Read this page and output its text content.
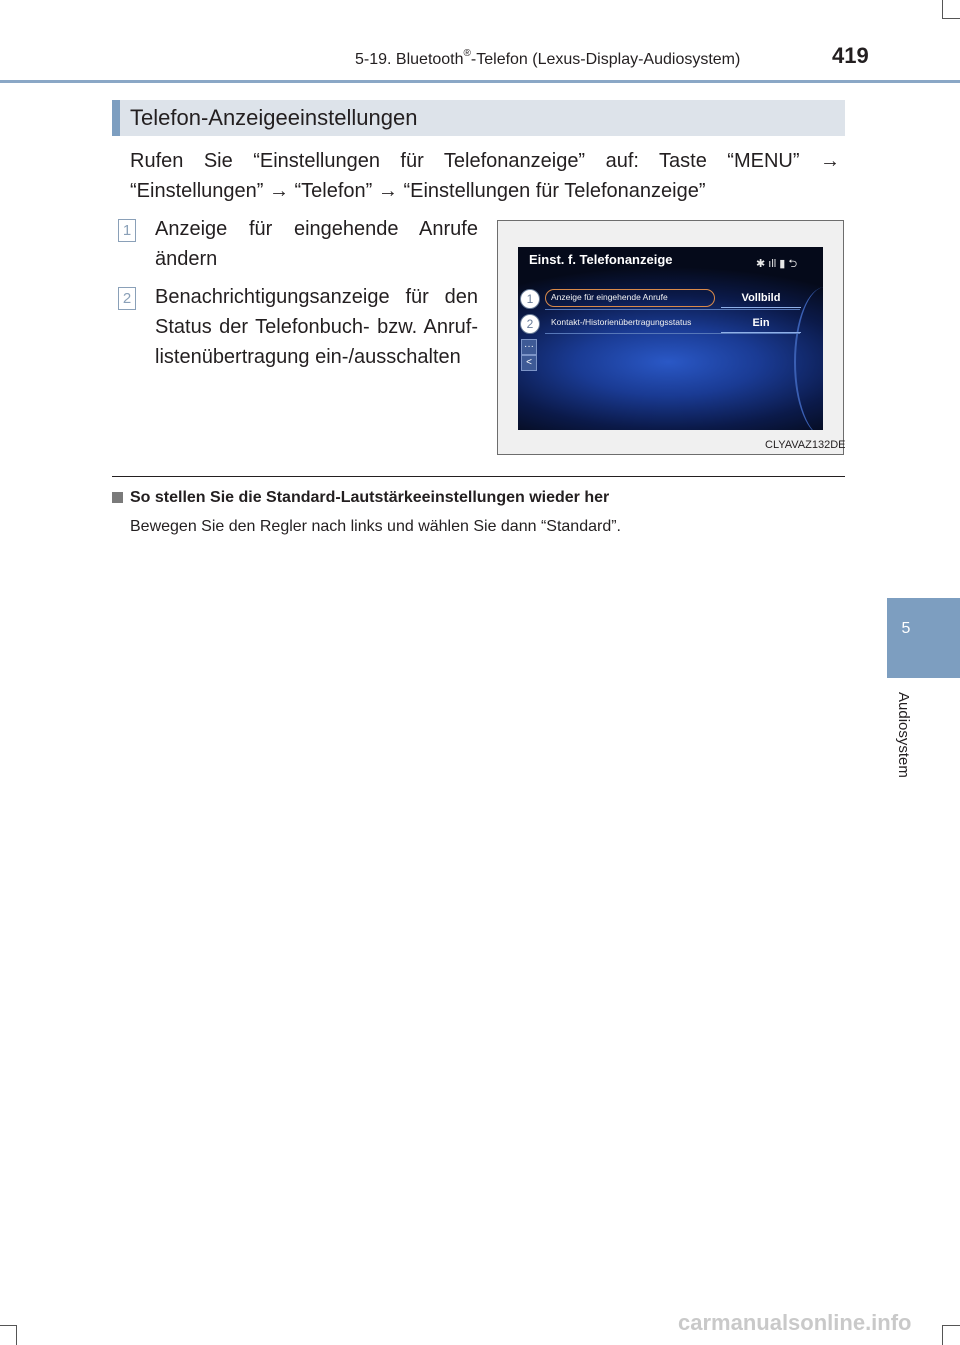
5-19. Bluetooth®-Telefon (Lexus-Display-Audiosystem)	419
Telefon-Anzeigeeinstellungen
Rufen Sie “Einstellungen für Telefonanzeige” auf: Taste “MENU” →
“Einstellungen” → “Telefon” → “Einstellungen für Telefonanzeige”
1 Anzeige für eingehende Anrufe
ändern
2 Benachrichtigungsanzeige für den
Status der Telefonbuch- bzw. Anruf-
listenübertragung ein-/ausschalten
Einst. f. Telefonanzeige	✱ ıll ▮ ⮌
Anzeige für eingehende Anrufe	Vollbild
Kontakt-/Historienübertragungsstatus	Ein
···
<
1
2
CLYAVAZ132DE
So stellen Sie die Standard-Lautstärkeeinstellungen wieder her
Bewegen Sie den Regler nach links und wählen Sie dann “Standard”.
5
Audiosystem
carmanualsonline.info
